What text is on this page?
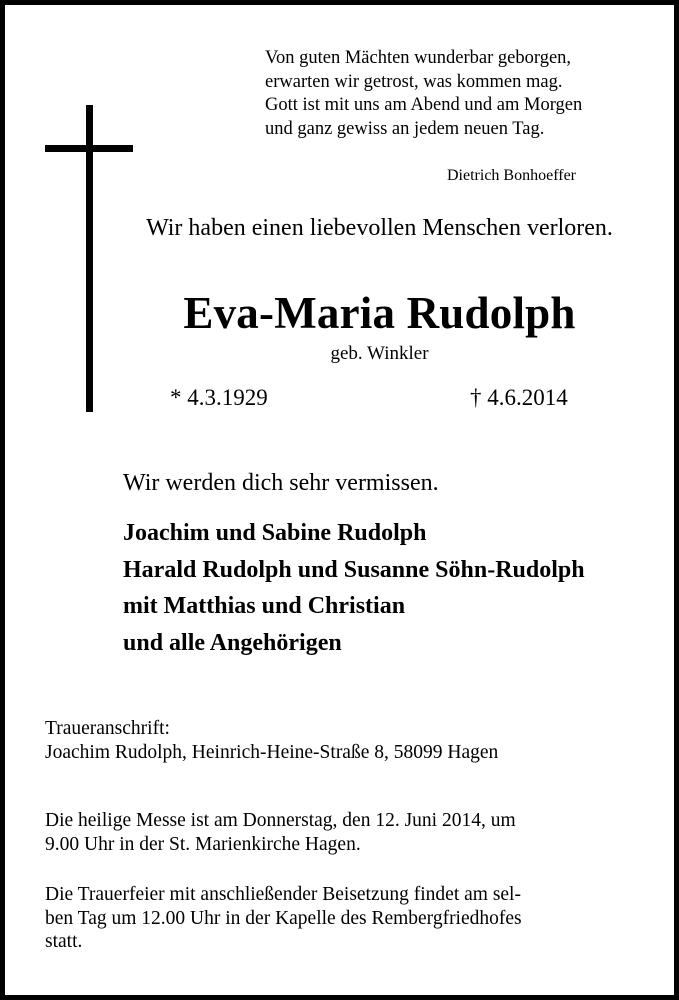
Von guten Mächten wunderbar geborgen,
erwarten wir getrost, was kommen mag.
Gott ist mit uns am Abend und am Morgen
und ganz gewiss an jedem neuen Tag.
Dietrich Bonhoeffer
Wir haben einen liebevollen Menschen verloren.
Eva-Maria Rudolph
geb. Winkler
* 4.3.1929	† 4.6.2014
Wir werden dich sehr vermissen.
Joachim und Sabine Rudolph
Harald Rudolph und Susanne Söhn-Rudolph
mit Matthias und Christian
und alle Angehörigen
Traueranschrift:
Joachim Rudolph, Heinrich-Heine-Straße 8, 58099 Hagen
Die heilige Messe ist am Donnerstag, den 12. Juni 2014, um
9.00 Uhr in der St. Marienkirche Hagen.
Die Trauerfeier mit anschließender Beisetzung findet am sel-
ben Tag um 12.00 Uhr in der Kapelle des Rembergfriedhofes
statt.
